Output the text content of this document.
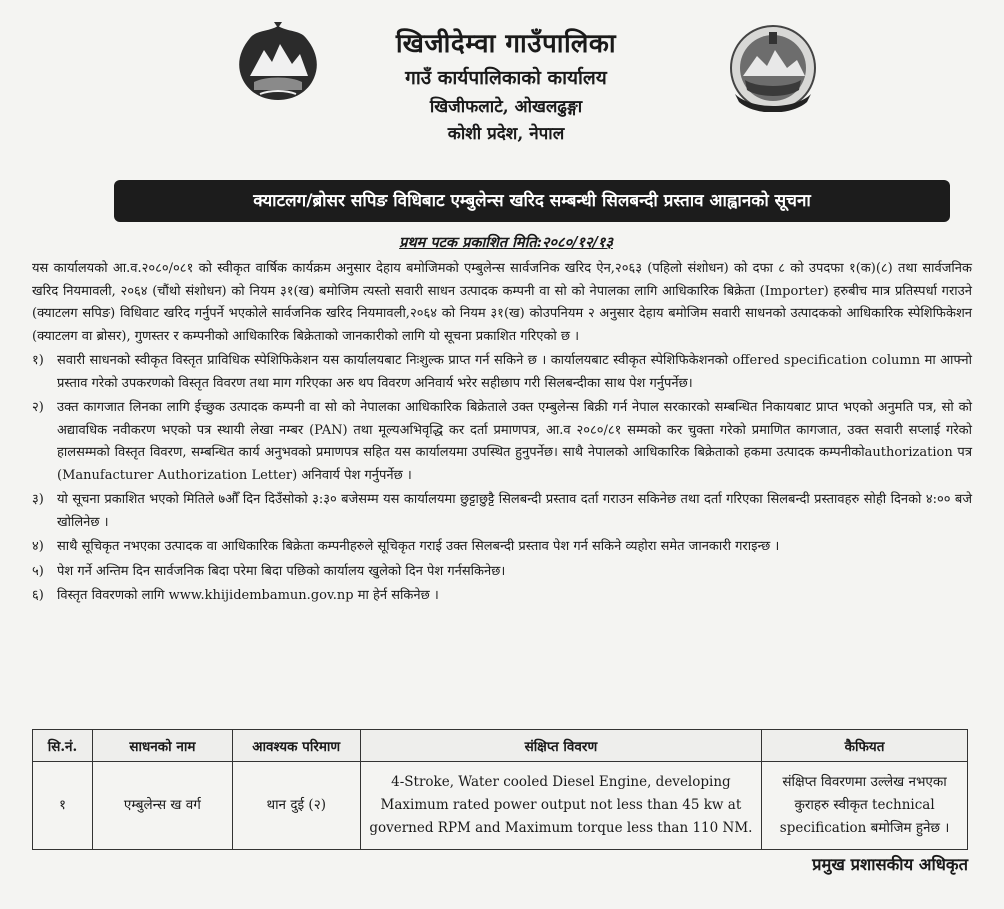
खिजीदेम्वा गाउँपालिका
गाउँ कार्यपालिकाको कार्यालय
खिजीफलाटे, ओखलढुङ्गा
कोशी प्रदेश, नेपाल
क्याटलग/ब्रोसर सपिङ विधिबाट एम्बुलेन्स खरिद सम्बन्धी सिलबन्दी प्रस्ताव आह्वानको सूचना
प्रथम पटक प्रकाशित मिति:२०८०/१२/१३

यस कार्यालयको आ.व.२०८०/०८१ को स्वीकृत वार्षिक कार्यक्रम अनुसार देहाय बमोजिमको एम्बुलेन्स सार्वजनिक खरिद ऐन,२०६३ (पहिलो संशोधन) को दफा ८ को उपदफा १(क)(८) तथा सार्वजनिक खरिद नियमावली, २०६४ (चौंथो संशोधन) को नियम ३१(ख) बमोजिम त्यस्तो सवारी साधन उत्पादक कम्पनी वा सो को नेपालका लागि आधिकारिक बिक्रेता (Importer) हरुबीच मात्र प्रतिस्पर्धा गराउने (क्याटलग सपिङ) विधिवाट खरिद गर्नुपर्ने भएकोले सार्वजनिक खरिद नियमावली,२०६४ को नियम ३१(ख) कोउपनियम २ अनुसार देहाय बमोजिम सवारी साधनको उत्पादकको आधिकारिक स्पेशिफिकेशन (क्याटलग वा ब्रोसर), गुणस्तर र कम्पनीको आधिकारिक बिक्रेताको जानकारीको लागि यो सूचना प्रकाशित गरिएको छ ।

१)	सवारी साधनको स्वीकृत विस्तृत प्राविधिक स्पेशिफिकेशन यस कार्यालयबाट निःशुल्क प्राप्त गर्न सकिने छ । कार्यालयबाट स्वीकृत स्पेशिफिकेशनको offered specification column मा आफ्नो प्रस्ताव गरेको उपकरणको विस्तृत विवरण तथा माग गरिएका अरु थप विवरण अनिवार्य भरेर सहीछाप गरी सिलबन्दीका साथ पेश गर्नुपर्नेछ।
२)	उक्त कागजात लिनका लागि ईच्छुक उत्पादक कम्पनी वा सो को नेपालका आधिकारिक बिक्रेताले उक्त एम्बुलेन्स बिक्री गर्न नेपाल सरकारको सम्बन्धित निकायबाट प्राप्त भएको अनुमति पत्र, सो को अद्यावधिक नवीकरण भएको पत्र स्थायी लेखा नम्बर (PAN) तथा मूल्यअभिवृद्धि कर दर्ता प्रमाणपत्र, आ.व २०८०/८१ सम्मको कर चुक्ता गरेको प्रमाणित कागजात, उक्त सवारी सप्लाई गरेको हालसम्मको विस्तृत विवरण, सम्बन्धित कार्य अनुभवको प्रमाणपत्र सहित यस कार्यालयमा उपस्थित हुनुपर्नेछ। साथै नेपालको आधिकारिक बिक्रेताको हकमा उत्पादक कम्पनीकोauthorization पत्र (Manufacturer Authorization Letter) अनिवार्य पेश गर्नुपर्नेछ ।
३)	यो सूचना प्रकाशित भएको मितिले ७औँ दिन दिउँसोको ३:३० बजेसम्म यस कार्यालयमा छुट्टाछुट्टै सिलबन्दी प्रस्ताव दर्ता गराउन सकिनेछ तथा दर्ता गरिएका सिलबन्दी प्रस्तावहरु सोही दिनको ४:०० बजे खोलिनेछ ।
४)	साथै सूचिकृत नभएका उत्पादक वा आधिकारिक बिक्रेता कम्पनीहरुले सूचिकृत गराई उक्त सिलबन्दी प्रस्ताव पेश गर्न सकिने व्यहोरा समेत जानकारी गराइन्छ ।
५)	पेश गर्ने अन्तिम दिन सार्वजनिक बिदा परेमा बिदा पछिको कार्यालय खुलेको दिन पेश गर्नसकिनेछ।
६)	विस्तृत विवरणको लागि www.khijidembamun.gov.np मा हेर्न सकिनेछ ।
सि.नं.	साधनको नाम	आवश्यक परिमाण	संक्षिप्त विवरण	कैफियत
१	एम्बुलेन्स ख वर्ग	थान दुई (२)	4-Stroke, Water cooled Diesel Engine, developing Maximum rated power output not less than 45 kw at governed RPM and Maximum torque less than 110 NM.	संक्षिप्त विवरणमा उल्लेख नभएका कुराहरु स्वीकृत technical specification बमोजिम हुनेछ ।
प्रमुख प्रशासकीय अधिकृत
